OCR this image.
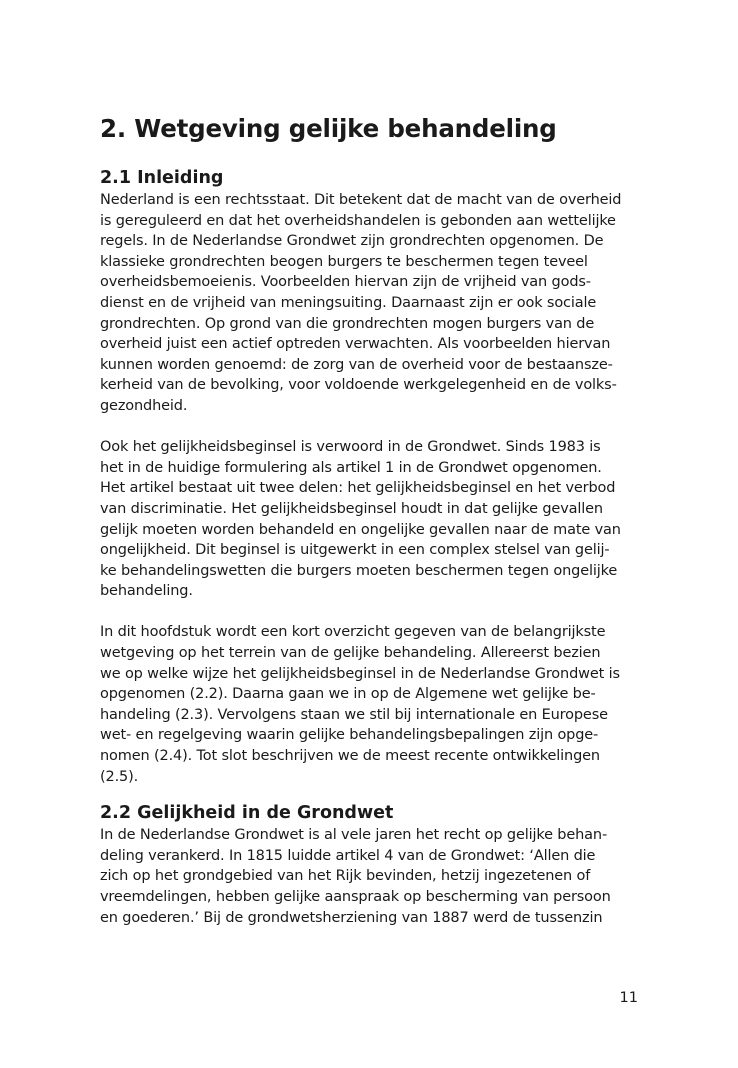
2. Wetgeving gelijke behandeling
2.1 Inleiding
Nederland is een rechtsstaat. Dit betekent dat de macht van de overheid
is gereguleerd en dat het overheidshandelen is gebonden aan wettelijke
regels. In de Nederlandse Grondwet zijn grondrechten opgenomen. De
klassieke grondrechten beogen burgers te beschermen tegen teveel
overheidsbemoeienis. Voorbeelden hiervan zijn de vrijheid van gods-
dienst en de vrijheid van meningsuiting. Daarnaast zijn er ook sociale
grondrechten. Op grond van die grondrechten mogen burgers van de
overheid juist een actief optreden verwachten. Als voorbeelden hiervan
kunnen worden genoemd: de zorg van de overheid voor de bestaansze-
kerheid van de bevolking, voor voldoende werkgelegenheid en de volks-
gezondheid.
Ook het gelijkheidsbeginsel is verwoord in de Grondwet. Sinds 1983 is
het in de huidige formulering als artikel 1 in de Grondwet opgenomen.
Het artikel bestaat uit twee delen: het gelijkheidsbeginsel en het verbod
van discriminatie. Het gelijkheidsbeginsel houdt in dat gelijke gevallen
gelijk moeten worden behandeld en ongelijke gevallen naar de mate van
ongelijkheid. Dit beginsel is uitgewerkt in een complex stelsel van gelij-
ke behandelingswetten die burgers moeten beschermen tegen ongelijke
behandeling.
In dit hoofdstuk wordt een kort overzicht gegeven van de belangrijkste
wetgeving op het terrein van de gelijke behandeling. Allereerst bezien
we op welke wijze het gelijkheidsbeginsel in de Nederlandse Grondwet is
opgenomen (2.2). Daarna gaan we in op de Algemene wet gelijke be-
handeling (2.3). Vervolgens staan we stil bij internationale en Europese
wet- en regelgeving waarin gelijke behandelingsbepalingen zijn opge-
nomen (2.4). Tot slot beschrijven we de meest recente ontwikkelingen
(2.5).
2.2 Gelijkheid in de Grondwet
In de Nederlandse Grondwet is al vele jaren het recht op gelijke behan-
deling verankerd. In 1815 luidde artikel 4 van de Grondwet: ‘Allen die
zich op het grondgebied van het Rijk bevinden, hetzij ingezetenen of
vreemdelingen, hebben gelijke aanspraak op bescherming van persoon
en goederen.’ Bij de grondwetsherziening van 1887 werd de tussenzin
11
